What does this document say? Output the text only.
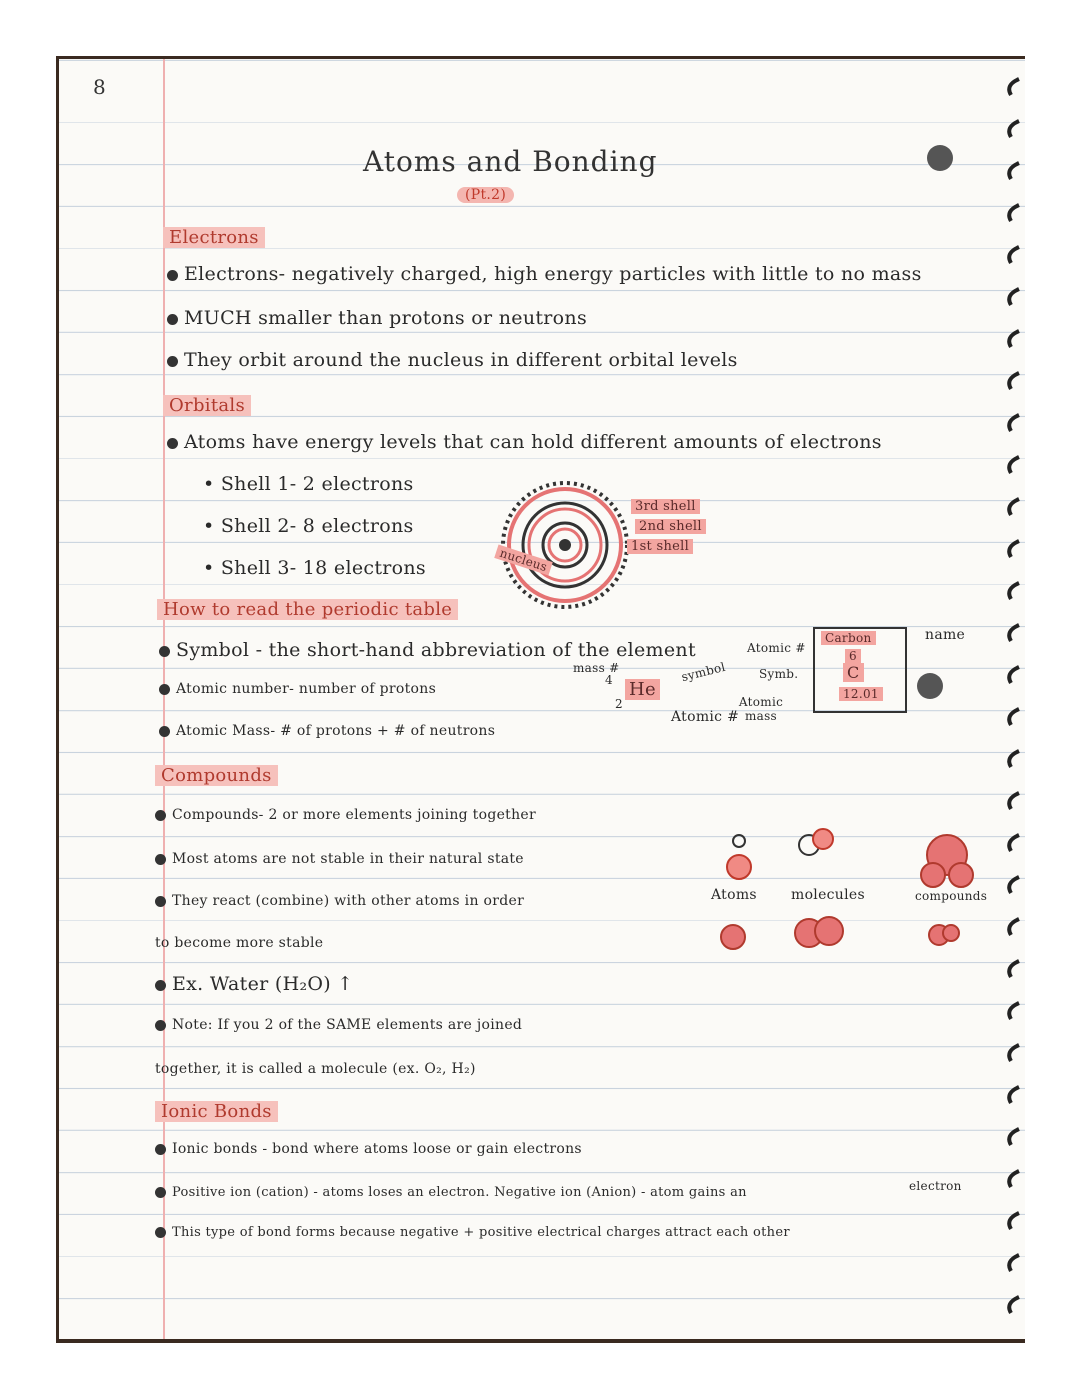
8
Atoms and Bonding
(Pt.2)
Electrons
Electrons- negatively charged, high energy particles with little to no mass
MUCH smaller than protons or neutrons
They orbit around the nucleus in different orbital levels
Orbitals
Atoms have energy levels that can hold different amounts of electrons
• Shell 1- 2 electrons
• Shell 2- 8 electrons
• Shell 3- 18 electrons
3rd shell
2nd shell
1st shell
nucleus
How to read the periodic table
Symbol - the short-hand abbreviation of the element
Atomic number- number of protons
Atomic Mass- # of protons + # of neutrons
mass #
4
2
He
symbol
Atomic #
Atomic #
Symb.
Atomic mass
Carbon
6
C
12.01
name
Compounds
Compounds- 2 or more elements joining together
Most atoms are not stable in their natural state
They react (combine) with other atoms in order
to become more stable
Ex. Water (H₂O) ↑
Note: If you 2 of the SAME elements are joined
together, it is called a molecule (ex. O₂, H₂)
Atoms molecules	compounds
Ionic Bonds
Ionic bonds - bond where atoms loose or gain electrons
Positive ion (cation) - atoms loses an electron. Negative ion (Anion) - atom gains an	electron
This type of bond forms because negative + positive electrical charges attract each other
